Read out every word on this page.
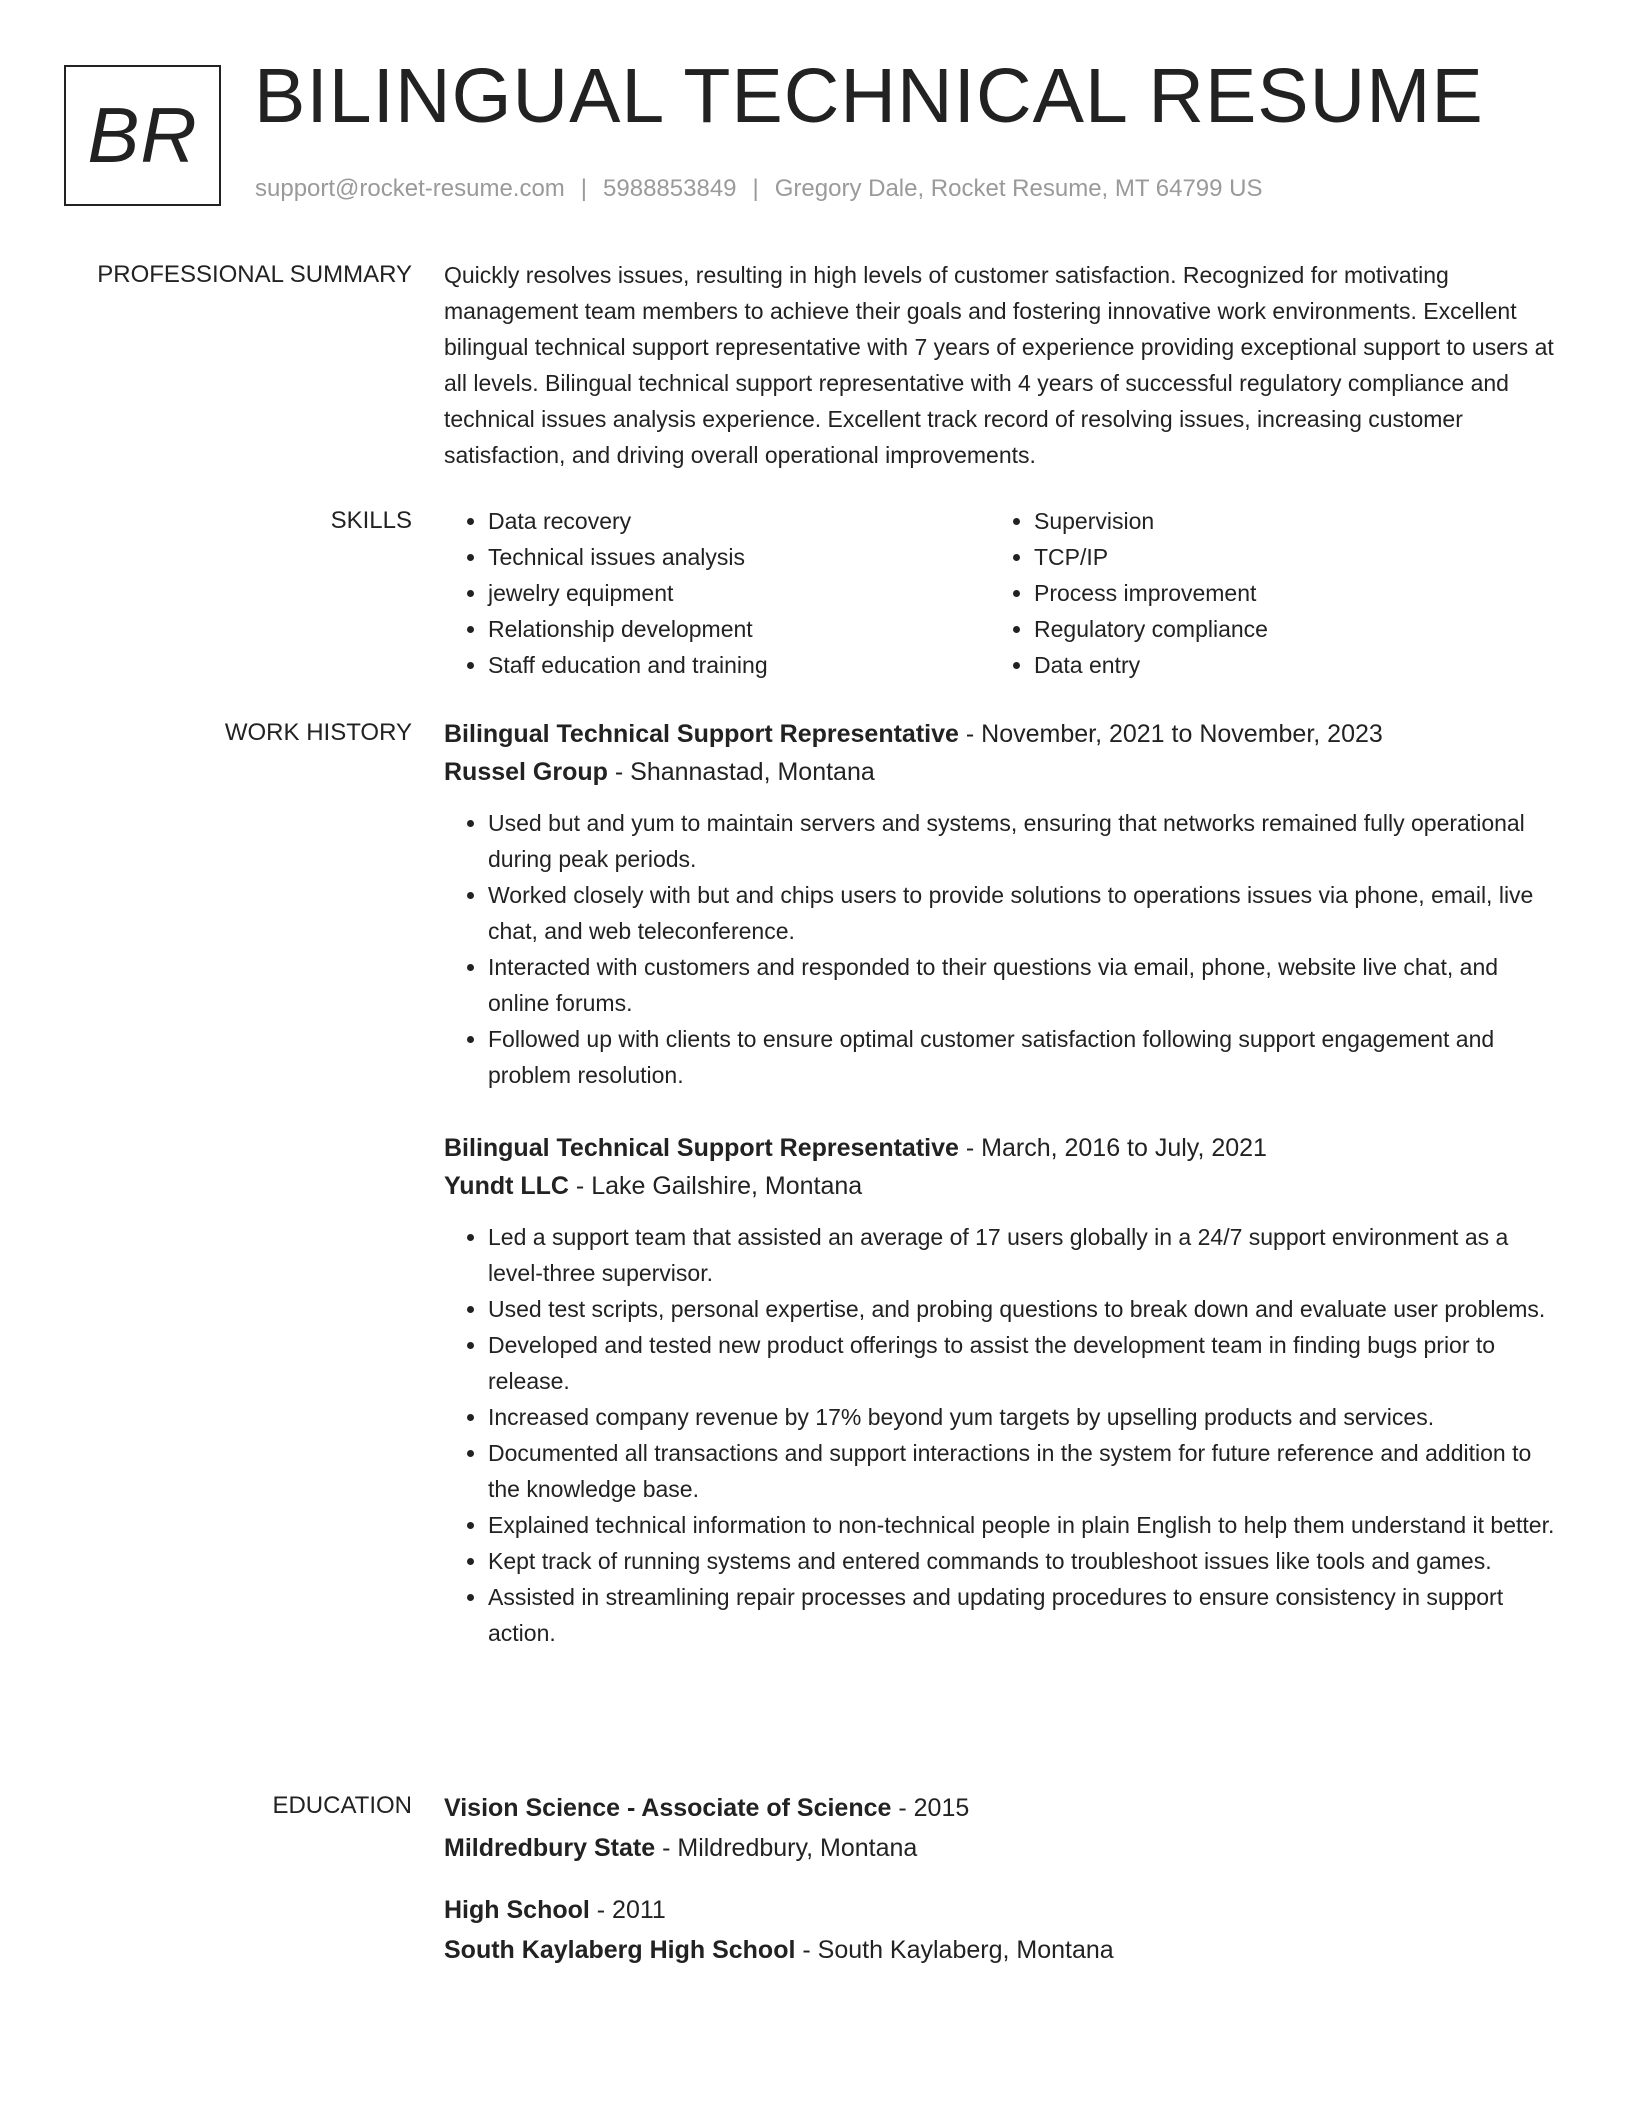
BR BILINGUAL TECHNICAL RESUME
support@rocket-resume.com | 5988853849 | Gregory Dale, Rocket Resume, MT 64799 US
PROFESSIONAL SUMMARY Quickly resolves issues, resulting in high levels of customer satisfaction. Recognized for motivating management team members to achieve their goals and fostering innovative work environments. Excellent bilingual technical support representative with 7 years of experience providing exceptional support to users at all levels. Bilingual technical support representative with 4 years of successful regulatory compliance and technical issues analysis experience. Excellent track record of resolving issues, increasing customer satisfaction, and driving overall operational improvements.

SKILLS
•	Data recovery
• Technical issues analysis
• jewelry equipment
• Relationship development
• Staff education and training
• Supervision
• TCP/IP
• Process improvement
• Regulatory compliance
• Data entry
WORK HISTORY Bilingual Technical Support Representative - November, 2021 to November, 2023
Russel Group - Shannastad, Montana
• Used but and yum to maintain servers and systems, ensuring that networks remained fully operational during peak periods.
• Worked closely with but and chips users to provide solutions to operations issues via phone, email, live chat, and web teleconference.
• Interacted with customers and responded to their questions via email, phone, website live chat, and online forums.
• Followed up with clients to ensure optimal customer satisfaction following support engagement and problem resolution.
Bilingual Technical Support Representative - March, 2016 to July, 2021
Yundt LLC - Lake Gailshire, Montana
• Led a support team that assisted an average of 17 users globally in a 24/7 support environment as a level-three supervisor.
• Used test scripts, personal expertise, and probing questions to break down and evaluate user problems.
• Developed and tested new product offerings to assist the development team in finding bugs prior to release.
• Increased company revenue by 17% beyond yum targets by upselling products and services.
• Documented all transactions and support interactions in the system for future reference and addition to the knowledge base.
• Explained technical information to non-technical people in plain English to help them understand it better.
• Kept track of running systems and entered commands to troubleshoot issues like tools and games.
• Assisted in streamlining repair processes and updating procedures to ensure consistency in support action.
EDUCATION Vision Science - Associate of Science - 2015
Mildredbury State - Mildredbury, Montana
High School - 2011
South Kaylaberg High School - South Kaylaberg, Montana
